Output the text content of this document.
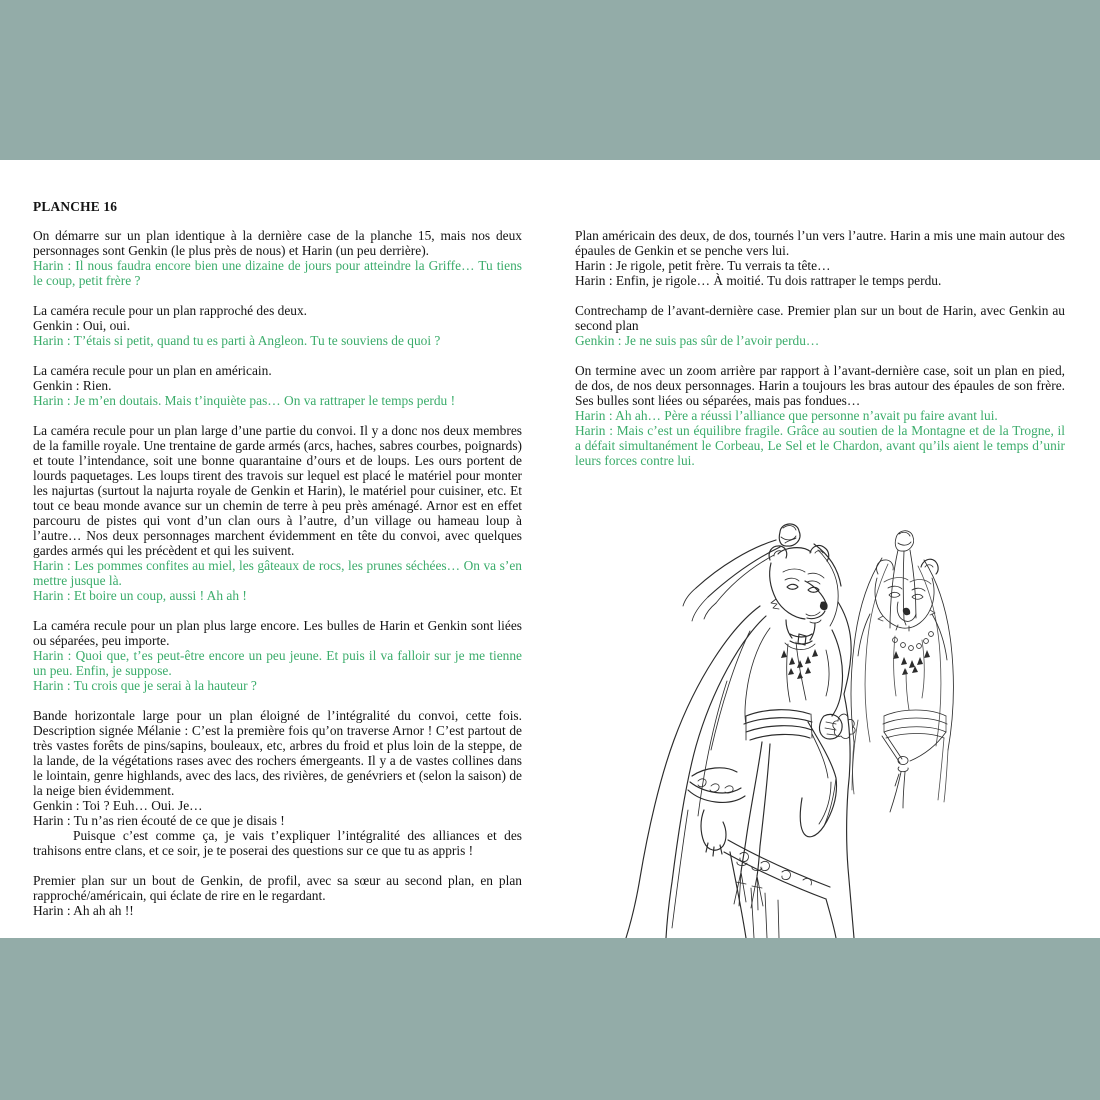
PLANCHE 16

On démarre sur un plan identique à la dernière case de la planche 15, mais nos deux personnages sont Genkin (le plus près de nous) et Harin (un peu derrière).

Harin : Il nous faudra encore bien une dizaine de jours pour atteindre la Griffe… Tu tiens le coup, petit frère ?

La caméra recule pour un plan rapproché des deux.

Genkin : Oui, oui.

Harin : T’étais si petit, quand tu es parti à Angleon. Tu te souviens de quoi ?

La caméra recule pour un plan en américain.

Genkin : Rien.

Harin : Je m’en doutais. Mais t’inquiète pas… On va rattraper le temps perdu !

La caméra recule pour un plan large d’une partie du convoi. Il y a donc nos deux membres de la famille royale. Une trentaine de garde armés (arcs, haches, sabres courbes, poignards) et toute l’intendance, soit une bonne quarantaine d’ours et de loups. Les ours portent de lourds paquetages. Les loups tirent des travois sur lequel est placé le matériel pour monter les najurtas (surtout la najurta royale de Genkin et Harin), le matériel pour cuisiner, etc. Et tout ce beau monde avance sur un chemin de terre à peu près aménagé. Arnor est en effet parcouru de pistes qui vont d’un clan ours à l’autre, d’un village ou hameau loup à l’autre… Nos deux personnages marchent évidemment en tête du convoi, avec quelques gardes armés qui les précèdent et qui les suivent.

Harin : Les pommes confites au miel, les gâteaux de rocs, les prunes séchées… On va s’en mettre jusque là.

Harin : Et boire un coup, aussi ! Ah ah !

La caméra recule pour un plan plus large encore. Les bulles de Harin et Genkin sont liées ou séparées, peu importe.

Harin : Quoi que, t’es peut-être encore un peu jeune. Et puis il va falloir sur je me tienne un peu. Enfin, je suppose.

Harin : Tu crois que je serai à la hauteur ?

Bande horizontale large pour un plan éloigné de l’intégralité du convoi, cette fois. Description signée Mélanie : C’est la première fois qu’on traverse Arnor ! C’est partout de très vastes forêts de pins/sapins, bouleaux, etc, arbres du froid et plus loin de la steppe, de la lande, de la végétations rases avec des rochers émergeants. Il y a de vastes collines dans le lointain, genre highlands, avec des lacs, des rivières, de genévriers et (selon la saison) de la neige bien évidemment.

Genkin : Toi ? Euh… Oui. Je…

Harin : Tu n’as rien écouté de ce que je disais !

Puisque c’est comme ça, je vais t’expliquer l’intégralité des alliances et des trahisons entre clans, et ce soir, je te poserai des questions sur ce que tu as appris !

Premier plan sur un bout de Genkin, de profil, avec sa sœur au second plan, en plan rapproché/américain, qui éclate de rire en le regardant.

Harin : Ah ah ah !!

Plan américain des deux, de dos, tournés l’un vers l’autre. Harin a mis une main autour des épaules de Genkin et se penche vers lui.

Harin : Je rigole, petit frère. Tu verrais ta tête…

Harin : Enfin, je rigole… À moitié. Tu dois rattraper le temps perdu.

Contrechamp de l’avant-dernière case. Premier plan sur un bout de Harin, avec Genkin au second plan

Genkin : Je ne suis pas sûr de l’avoir perdu…

On termine avec un zoom arrière par rapport à l’avant-dernière case, soit un plan en pied, de dos, de nos deux personnages. Harin a toujours les bras autour des épaules de son frère. Ses bulles sont liées ou séparées, mais pas fondues…

Harin : Ah ah… Père a réussi l’alliance que personne n’avait pu faire avant lui.

Harin : Mais c’est un équilibre fragile. Grâce au soutien de la Montagne et de la Trogne, il a défait simultanément le Corbeau, Le Sel et le Chardon, avant qu’ils aient le temps d’unir leurs forces contre lui.
